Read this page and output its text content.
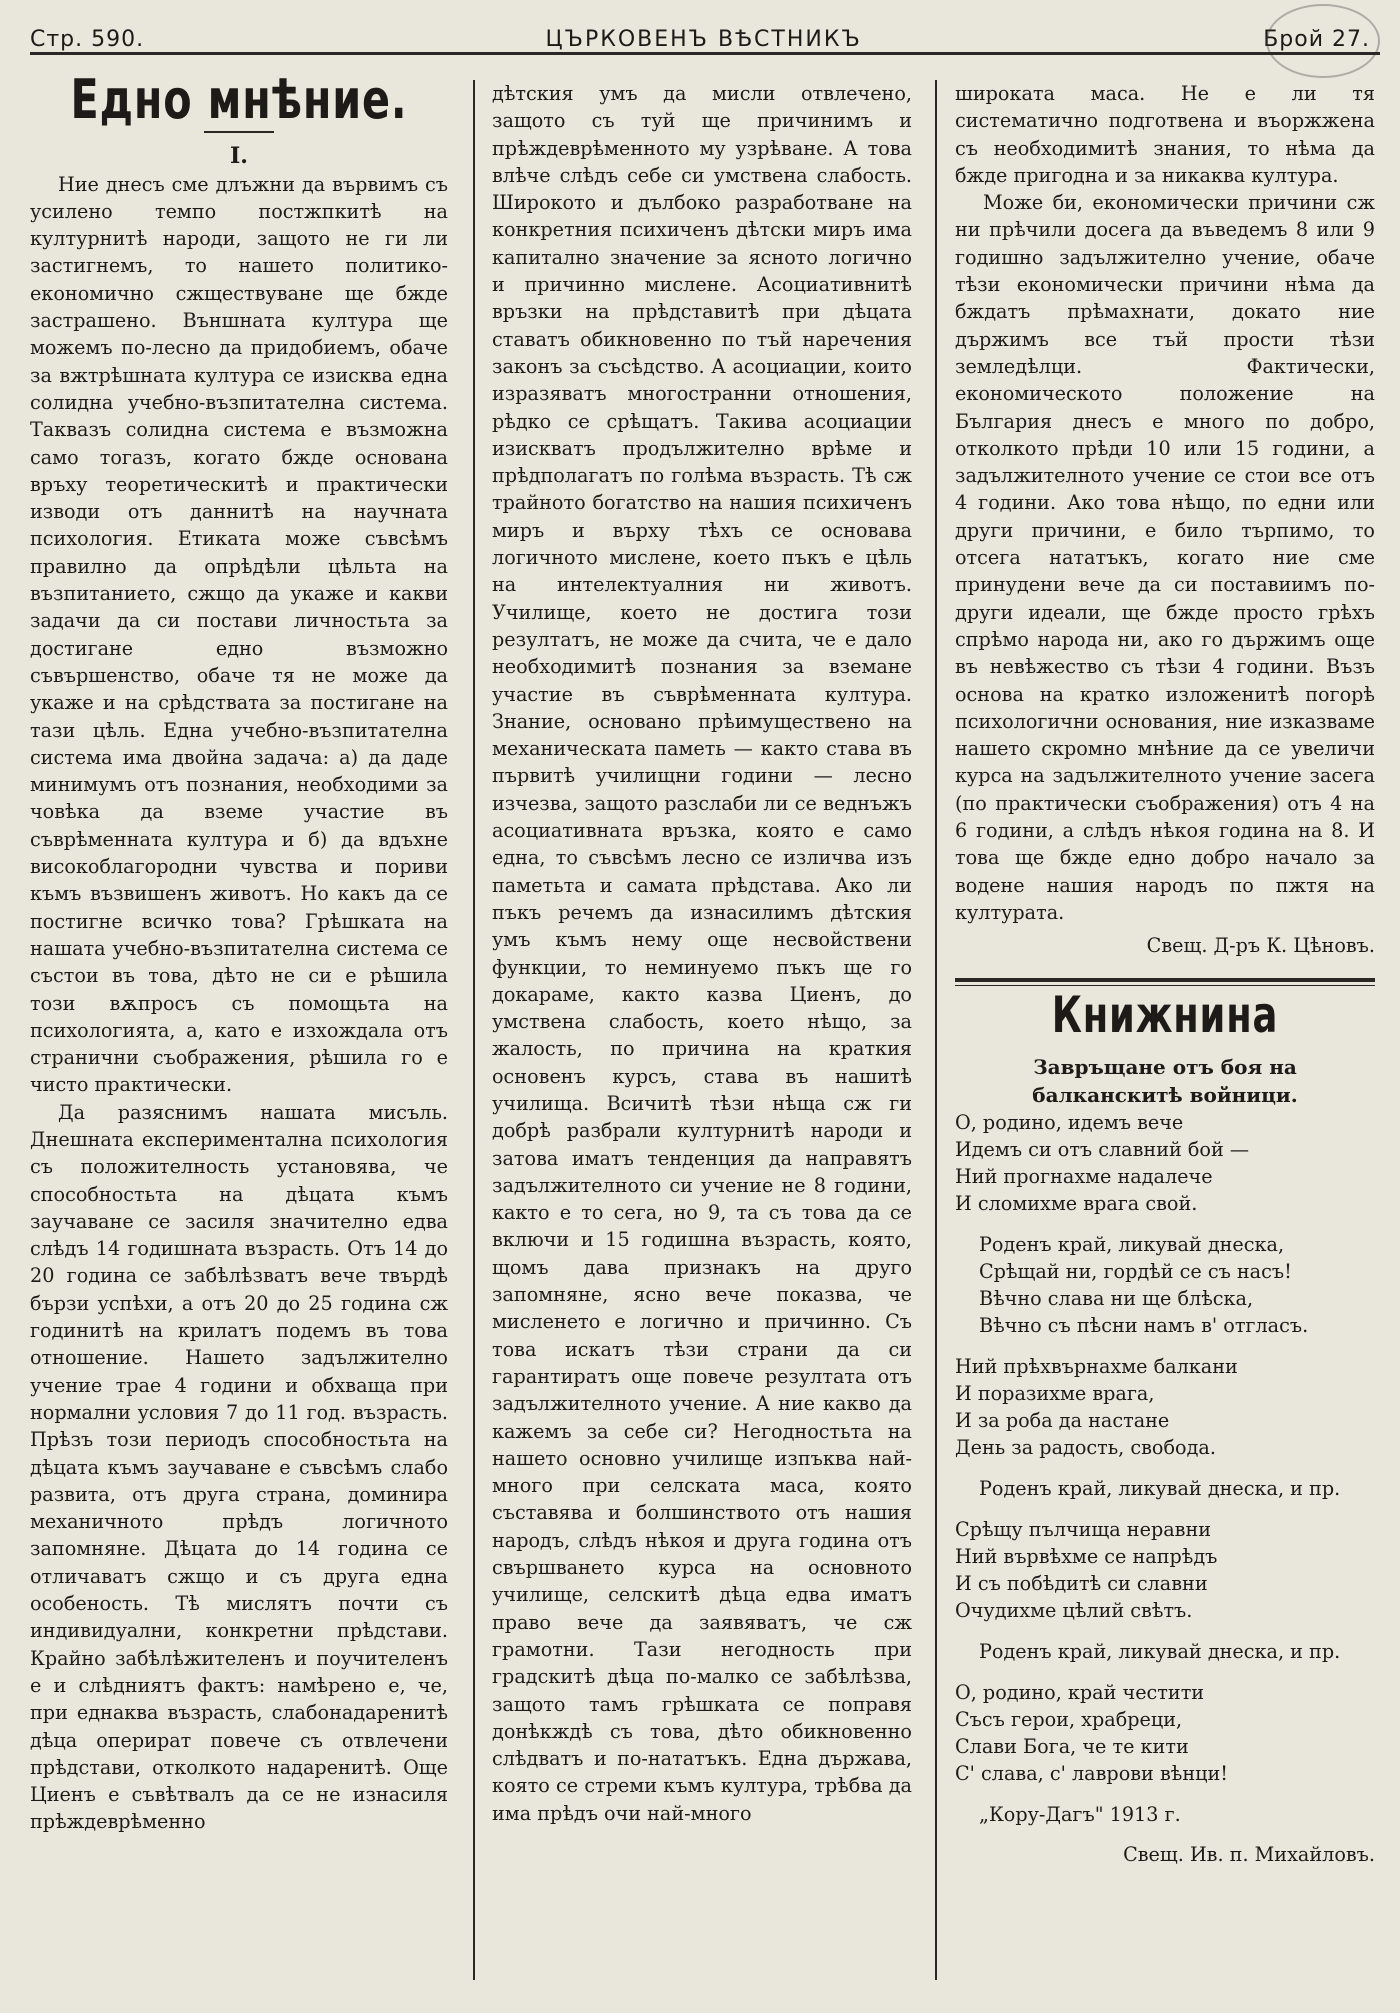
Стр. 590.	ЦЪРКОВЕНЪ ВѢСТНИКЪ	Брой 27.
Едно мнѣние.

I.

Ние днесъ сме длъжни да вървимъ съ усилено темпо постжпкитѣ на културнитѣ народи, защото не ги ли застигнемъ, то нашето политико-економично сжществуване ще бжде застрашено. Външната култура ще можемъ по-лесно да придобиемъ, обаче за вжтрѣшната култура се изисква една солидна учебно-възпитателна система. Таквазъ солидна система е възможна само тогазъ, когато бжде основана връху теоретическитѣ и практически изводи отъ даннитѣ на научната психология. Етиката може съвсѣмъ правилно да опрѣдѣли цѣльта на възпитанието, сжщо да укаже и какви задачи да си постави личностьта за достигане едно възможно съвършенство, обаче тя не може да укаже и на срѣдствата за постигане на тази цѣль. Една учебно-възпитателна система има двойна задача: а) да даде минимумъ отъ познания, необходими за човѣка да вземе участие въ съврѣменната култура и б) да вдъхне високоблагородни чувства и пориви къмъ възвишенъ животъ. Но какъ да се постигне всичко това? Грѣшката на нашата учебно-възпитателна система се състои въ това, дѣто не си е рѣшила този вѫпросъ съ помощьта на психологията, а, като е изхождала отъ странични съображения, рѣшила го е чисто практически.

Да разяснимъ нашата мисъль. Днешната експериментална психология съ положителность установява, че способностьта на дѣцата къмъ заучаване се засиля значително едва слѣдъ 14 годишната възрасть. Отъ 14 до 20 година се забѣлѣзватъ вече твърдѣ бързи успѣхи, а отъ 20 до 25 година сж годинитѣ на крилатъ подемъ въ това отношение. Нашето задължително учение трае 4 години и обхваща при нормални условия 7 до 11 год. възрасть. Прѣзъ този периодъ способностьта на дѣцата къмъ заучаване е съвсѣмъ слабо развита, отъ друга страна, доминира механичното прѣдъ логичното запомняне. Дѣцата до 14 година се отличаватъ сжщо и съ друга една особеность. Тѣ мислятъ почти съ индивидуални, конкретни прѣдстави. Крайно забѣлѣжителенъ и поучителенъ е и слѣдниятъ фактъ: намѣрено е, че, при еднаква възрасть, слабонадаренитѣ дѣца оперират повече съ отвлечени прѣдстави, отколкото надаренитѣ. Още Циенъ е съвѣтвалъ да се не изнасиля прѣждеврѣменно

дѣтския умъ да мисли отвлечено, защото съ туй ще причинимъ и прѣждеврѣменното му узрѣване. А това влѣче слѣдъ себе си умствена слабость. Широкото и дълбоко разработване на конкретния психиченъ дѣтски миръ има капитално значение за ясното логично и причинно мислене. Асоциативнитѣ връзки на прѣдставитѣ при дѣцата ставатъ обикновенно по тъй наречения законъ за съсѣдство. А асоциации, които изразяватъ многостранни отношения, рѣдко се срѣщатъ. Такива асоциации изискватъ продължително врѣме и прѣдполагатъ по голѣма възрасть. Тѣ сж трайното богатство на нашия психиченъ миръ и върху тѣхъ се основава логичното мислене, което пъкъ е цѣль на интелектуалния ни животъ. Училище, което не достига този резултатъ, не може да счита, че е дало необходимитѣ познания за вземане участие въ съврѣменната култура. Знание, основано прѣимуществено на механическата паметь — както става въ първитѣ училищни години — лесно изчезва, защото разслаби ли се веднъжъ асоциативната връзка, която е само една, то съвсѣмъ лесно се изличва изъ паметьта и самата прѣдстава. Ако ли пъкъ речемъ да изнасилимъ дѣтския умъ къмъ нему още несвойствени функции, то неминуемо пъкъ ще го докараме, както казва Циенъ, до умствена слабость, което нѣщо, за жалость, по причина на краткия основенъ курсъ, става въ нашитѣ училища. Всичитѣ тѣзи нѣща сж ги добрѣ разбрали културнитѣ народи и затова иматъ тенденция да направятъ задължителното си учение не 8 години, както е то сега, но 9, та съ това да се включи и 15 годишна възрасть, която, щомъ дава признакъ на друго запомняне, ясно вече показва, че мисленето е логично и причинно. Съ това искатъ тѣзи страни да си гарантиратъ още повече резултата отъ задължителното учение. А ние какво да кажемъ за себе си? Негодностьта на нашето основно училище изпъква най-много при селската маса, която съставява и болшинството отъ нашия народъ, слѣдъ нѣкоя и друга година отъ свършването курса на основното училище, селскитѣ дѣца едва иматъ право вече да заявяватъ, че сж грамотни. Тази негодность при градскитѣ дѣца по-малко се забѣлѣзва, защото тамъ грѣшката се поправя донѣкждѣ съ това, дѣто обикновенно слѣдватъ и по-нататъкъ. Една държава, която се стреми къмъ култура, трѣбва да има прѣдъ очи най-много

широката маса. Не е ли тя систематично подготвена и въоржжена съ необходимитѣ знания, то нѣма да бжде пригодна и за никаква култура.

Може би, економически причини сж ни прѣчили досега да въведемъ 8 или 9 годишно задължително учение, обаче тѣзи економически причини нѣма да бждатъ прѣмахнати, докато ние държимъ все тъй прости тѣзи земледѣлци. Фактически, економическото положение на България днесъ е много по добро, отколкото прѣди 10 или 15 години, а задължителното учение се стои все отъ 4 години. Ако това нѣщо, по едни или други причини, е било търпимо, то отсега нататъкъ, когато ние сме принудени вече да си поставиимъ по-други идеали, ще бжде просто грѣхъ спрѣмо народа ни, ако го държимъ още въ невѣжество съ тѣзи 4 години. Възъ основа на кратко изложенитѣ погорѣ психологични основания, ние изказваме нашето скромно мнѣние да се увеличи курса на задължителното учение засега (по практически съображения) отъ 4 на 6 години, а слѣдъ нѣкоя година на 8. И това ще бжде едно добро начало за водене нашия народъ по пжтя на културата.

Свещ. Д-ръ К. Цѣновъ.

Книжнина

Завръщане отъ боя на балканскитѣ войници.

О, родино, идемъ вече
Идемъ си отъ славний бой —
Ний прогнахме надалече
И сломихме врага свой.
Роденъ край, ликувай днеска,
Срѣщай ни, гордѣй се съ насъ!
Вѣчно слава ни ще блѣска,
Вѣчно съ пѣсни намъ в' отгласъ.
Ний прѣхвърнахме балкани
И поразихме врага,
И за роба да настане
День за радость, свобода.
Роденъ край, ликувай днеска, и пр.
Срѣщу пълчища неравни
Ний вървѣхме се напрѣдъ
И съ побѣдитѣ си славни
Очудихме цѣлий свѣтъ.
Роденъ край, ликувай днеска, и пр.
О, родино, край честити
Съсъ герои, храбреци,
Слави Бога, че те кити
С' слава, с' лаврови вѣнци!
„Кору-Дагъ" 1913 г.

Свещ. Ив. п. Михайловъ.
